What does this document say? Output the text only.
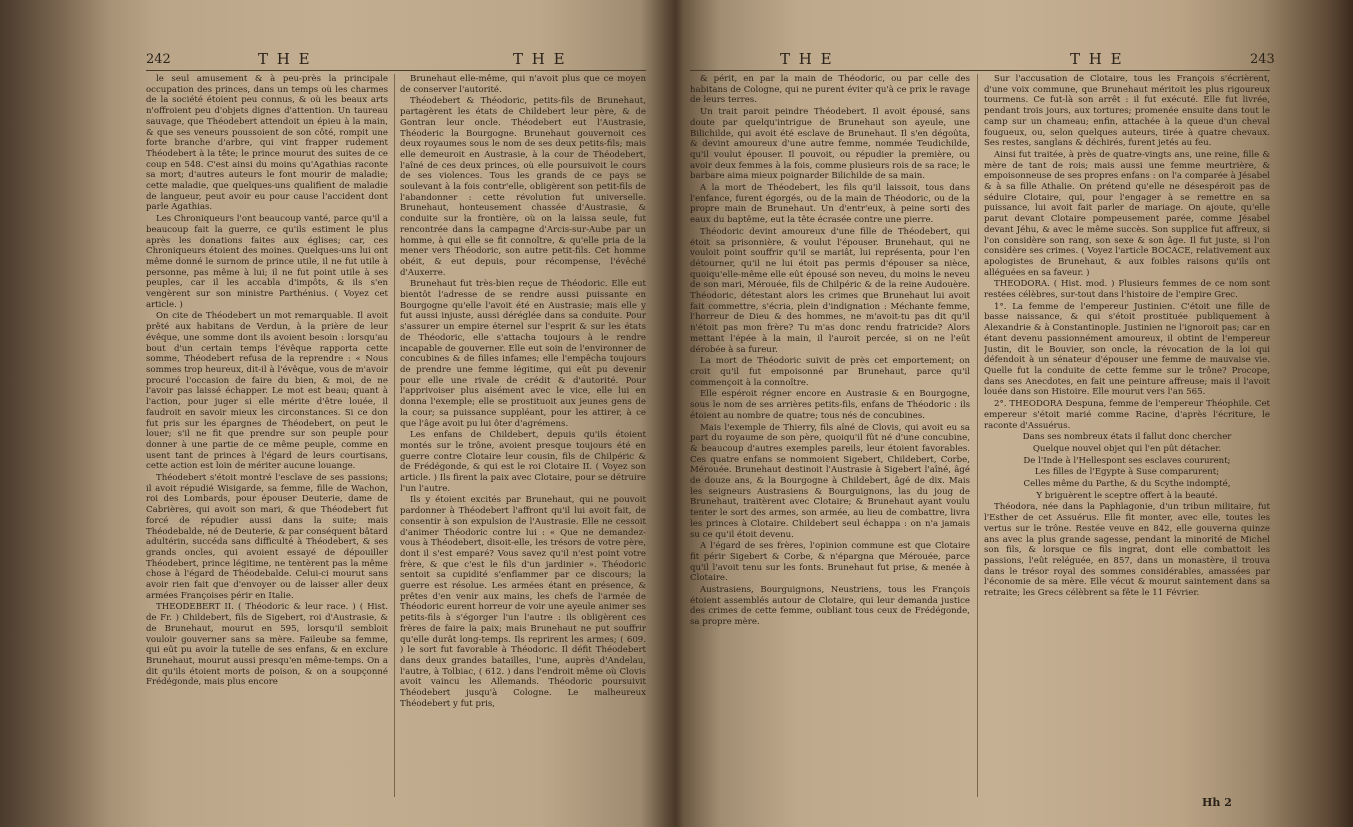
242	T H E	T H E

le seul amusement & à peu-près la principale occupation des princes, dans un temps où les charmes de la société étoient peu connus, & où les beaux arts n'offroient peu d'objets dignes d'attention. Un taureau sauvage, que Théodebert attendoit un épieu à la main, & que ses veneurs poussoient de son côté, rompit une forte branche d'arbre, qui vint frapper rudement Théodebert à la tête; le prince mourut des suites de ce coup en 548. C'est ainsi du moins qu'Agathias raconte sa mort; d'autres auteurs le font mourir de maladie; cette maladie, que quelques-uns qualifient de maladie de langueur, peut avoir eu pour cause l'accident dont parle Agathias.

Les Chroniqueurs l'ont beaucoup vanté, parce qu'il a beaucoup fait la guerre, ce qu'ils estiment le plus après les donations faites aux églises; car, ces Chroniqueurs étoient des moines. Quelques-uns lui ont même donné le surnom de prince utile, il ne fut utile à personne, pas même à lui; il ne fut point utile à ses peuples, car il les accabla d'impôts, & ils s'en vengèrent sur son ministre Parthénius. ( Voyez cet article. )

On cite de Théodebert un mot remarquable. Il avoit prêté aux habitans de Verdun, à la prière de leur évêque, une somme dont ils avoient besoin : lorsqu'au bout d'un certain temps l'évêque rapporta cette somme, Théodebert refusa de la reprendre : « Nous sommes trop heureux, dit-il à l'évêque, vous de m'avoir procuré l'occasion de faire du bien, & moi, de ne l'avoir pas laissé échapper. Le mot est beau; quant à l'action, pour juger si elle mérite d'être louée, il faudroit en savoir mieux les circonstances. Si ce don fut pris sur les épargnes de Théodebert, on peut le louer; s'il ne fit que prendre sur son peuple pour donner à une partie de ce même peuple, comme en usent tant de princes à l'égard de leurs courtisans, cette action est loin de mériter aucune louange.

Théodebert s'étoit montré l'esclave de ses passions; il avoit répudié Wisigarde, sa femme, fille de Wachon, roi des Lombards, pour épouser Deuterie, dame de Cabrières, qui avoit son mari, & que Théodebert fut forcé de répudier aussi dans la suite; mais Théodebalde, né de Deuterie, & par conséquent bâtard adultérin, succéda sans difficulté à Théodebert, & ses grands oncles, qui avoient essayé de dépouiller Théodebert, prince légitime, ne tentèrent pas la même chose à l'égard de Théodebalde. Celui-ci mourut sans avoir rien fait que d'envoyer ou de laisser aller deux armées Françoises périr en Italie.

THEODEBERT II. ( Théodoric & leur race. ) ( Hist. de Fr. ) Childebert, fils de Sigebert, roi d'Austrasie, & de Brunehaut, mourut en 595, lorsqu'il sembloit vouloir gouverner sans sa mère. Faileube sa femme, qui eût pu avoir la tutelle de ses enfans, & en exclure Brunehaut, mourut aussi presqu'en même-temps. On a dit qu'ils étoient morts de poison, & on a soupçonné Frédégonde, mais plus encore

Brunehaut elle-même, qui n'avoit plus que ce moyen de conserver l'autorité.

Théodebert & Théodoric, petits-fils de Brunehaut, partagèrent les états de Childebert leur père, & de Gontran leur oncle. Théodebert eut l'Austrasie, Théoderic la Bourgogne. Brunehaut gouvernoit ces deux royaumes sous le nom de ses deux petits-fils; mais elle demeuroit en Austrasie, à la cour de Théodebert, l'aîné de ces deux princes, où elle poursuivoit le cours de ses violences. Tous les grands de ce pays se soulevant à la fois contr'elle, obligèrent son petit-fils de l'abandonner : cette révolution fut universelle. Brunehaut, honteusement chassée d'Austrasie, & conduite sur la frontière, où on la laissa seule, fut rencontrée dans la campagne d'Arcis-sur-Aube par un homme, à qui elle se fit connoître, & qu'elle pria de la mener vers Théodoric, son autre petit-fils. Cet homme obéit, & eut depuis, pour récompense, l'évêché d'Auxerre.

Brunehaut fut très-bien reçue de Théodoric. Elle eut bientôt l'adresse de se rendre aussi puissante en Bourgogne qu'elle l'avoit été en Austrasie; mais elle y fut aussi injuste, aussi déréglée dans sa conduite. Pour s'assurer un empire éternel sur l'esprit & sur les états de Théodoric, elle s'attacha toujours à le rendre incapable de gouverner. Elle eut soin de l'environner de concubines & de filles infames; elle l'empêcha toujours de prendre une femme légitime, qui eût pu devenir pour elle une rivale de crédit & d'autorité. Pour l'apprivoiser plus aisément avec le vice, elle lui en donna l'exemple; elle se prostituoit aux jeunes gens de la cour; sa puissance suppléant, pour les attirer, à ce que l'âge avoit pu lui ôter d'agrémens.

Les enfans de Childebert, depuis qu'ils étoient montés sur le trône, avoient presque toujours été en guerre contre Clotaire leur cousin, fils de Chilpéric & de Frédégonde, & qui est le roi Clotaire II. ( Voyez son article. ) Ils firent la paix avec Clotaire, pour se détruire l'un l'autre.

Ils y étoient excités par Brunehaut, qui ne pouvoit pardonner à Théodebert l'affront qu'il lui avoit fait, de consentir à son expulsion de l'Austrasie. Elle ne cessoit d'animer Théodoric contre lui : « Que ne demandez-vous à Théodebert, disoit-elle, les trésors de votre père, dont il s'est emparé? Vous savez qu'il n'est point votre frère, & que c'est le fils d'un jardinier ». Théodoric sentoit sa cupidité s'enflammer par ce discours; la guerre est résolue. Les armées étant en présence, & prêtes d'en venir aux mains, les chefs de l'armée de Théodoric eurent horreur de voir une ayeule animer ses petits-fils à s'égorger l'un l'autre : ils obligèrent ces frères de faire la paix; mais Brunehaut ne put souffrir qu'elle durât long-temps. Ils reprirent les armes; ( 609. ) le sort fut favorable à Théodoric. Il défit Théodebert dans deux grandes batailles, l'une, auprès d'Andelau, l'autre, à Tolbiac, ( 612. ) dans l'endroit même où Clovis avoit vaincu les Allemands. Théodoric poursuivit Théodebert jusqu'à Cologne. Le malheureux Théodebert y fut pris,

T H E	T H E	243

& périt, en par la main de Théodoric, ou par celle des habitans de Cologne, qui ne purent éviter qu'à ce prix le ravage de leurs terres.

Un trait paroit peindre Théodebert. Il avoit épousé, sans doute par quelqu'intrigue de Brunehaut son ayeule, une Bilichilde, qui avoit été esclave de Brunehaut. Il s'en dégoûta, & devint amoureux d'une autre femme, nommée Teudichilde, qu'il voulut épouser. Il pouvoit, ou répudier la première, ou avoir deux femmes à la fois, comme plusieurs rois de sa race; le barbare aima mieux poignarder Bilichilde de sa main.

A la mort de Théodebert, les fils qu'il laissoit, tous dans l'enfance, furent égorgés, ou de la main de Théodoric, ou de la propre main de Brunehaut. Un d'entr'eux, à peine sorti des eaux du baptême, eut la tête écrasée contre une pierre.

Théodoric devint amoureux d'une fille de Théodebert, qui étoit sa prisonnière, & voulut l'épouser. Brunehaut, qui ne vouloit point souffrir qu'il se mariât, lui représenta, pour l'en détourner, qu'il ne lui étoit pas permis d'épouser sa nièce, quoiqu'elle-même elle eût épousé son neveu, du moins le neveu de son mari, Mérouée, fils de Chilpéric & de la reine Audouère. Théodoric, détestant alors les crimes que Brunehaut lui avoit fait commettre, s'écria, plein d'indignation : Méchante femme, l'horreur de Dieu & des hommes, ne m'avoit-tu pas dit qu'il n'étoit pas mon frère? Tu m'as donc rendu fratricide? Alors mettant l'épée à la main, il l'auroit percée, si on ne l'eût dérobée à sa fureur.

La mort de Théodoric suivit de près cet emportement; on croit qu'il fut empoisonné par Brunehaut, parce qu'il commençoit à la connoître.

Elle espéroit régner encore en Austrasie & en Bourgogne, sous le nom de ses arrières petits-fils, enfans de Théodoric : ils étoient au nombre de quatre; tous nés de concubines.

Mais l'exemple de Thierry, fils aîné de Clovis, qui avoit eu sa part du royaume de son père, quoiqu'il fût né d'une concubine, & beaucoup d'autres exemples pareils, leur étoient favorables. Ces quatre enfans se nommoient Sigebert, Childebert, Corbe, Mérouée. Brunehaut destinoit l'Austrasie à Sigebert l'aîné, âgé de douze ans, & la Bourgogne à Childebert, âgé de dix. Mais les seigneurs Austrasiens & Bourguignons, las du joug de Brunehaut, traitèrent avec Clotaire; & Brunehaut ayant voulu tenter le sort des armes, son armée, au lieu de combattre, livra les princes à Clotaire. Childebert seul échappa : on n'a jamais su ce qu'il étoit devenu.

A l'égard de ses frères, l'opinion commune est que Clotaire fit périr Sigebert & Corbe, & n'épargna que Mérouée, parce qu'il l'avoit tenu sur les fonts. Brunehaut fut prise, & menée à Clotaire.

Austrasiens, Bourguignons, Neustriens, tous les François étoient assemblés autour de Clotaire, qui leur demanda justice des crimes de cette femme, oubliant tous ceux de Frédégonde, sa propre mère.

Sur l'accusation de Clotaire, tous les François s'écrièrent, d'une voix commune, que Brunehaut méritoit les plus rigoureux tourmens. Ce fut-là son arrêt : il fut exécuté. Elle fut livrée, pendant trois jours, aux tortures; promenée ensuite dans tout le camp sur un chameau; enfin, attachée à la queue d'un cheval fougueux, ou, selon quelques auteurs, tirée à quatre chevaux. Ses restes, sanglans & déchirés, furent jetés au feu.

Ainsi fut traitée, à près de quatre-vingts ans, une reine, fille & mère de tant de rois; mais aussi une femme meurtrière, & empoisonneuse de ses propres enfans : on l'a comparée à Jésabel & à sa fille Athalie. On prétend qu'elle ne désespéroit pas de séduire Clotaire, qui, pour l'engager à se remettre en sa puissance, lui avoit fait parler de mariage. On ajoute, qu'elle parut devant Clotaire pompeusement parée, comme Jésabel devant Jéhu, & avec le même succès. Son supplice fut affreux, si l'on considère son rang, son sexe & son âge. Il fut juste, si l'on considère ses crimes. ( Voyez l'article BOCACE, relativement aux apologistes de Brunehaut, & aux foibles raisons qu'ils ont alléguées en sa faveur. )

THEODORA. ( Hist. mod. ) Plusieurs femmes de ce nom sont restées célèbres, sur-tout dans l'histoire de l'empire Grec.

1°. La femme de l'empereur Justinien. C'étoit une fille de basse naissance, & qui s'étoit prostituée publiquement à Alexandrie & à Constantinople. Justinien ne l'ignoroit pas; car en étant devenu passionnément amoureux, il obtint de l'empereur Justin, dit le Bouvier, son oncle, la révocation de la loi qui défendoit à un sénateur d'épouser une femme de mauvaise vie. Quelle fut la conduite de cette femme sur le trône? Procope, dans ses Anecdotes, en fait une peinture affreuse; mais il l'avoit louée dans son Histoire. Elle mourut vers l'an 565.

2°. THEODORA Despuna, femme de l'empereur Théophile. Cet empereur s'étoit marié comme Racine, d'après l'écriture, le raconte d'Assuérus.

Dans ses nombreux états il fallut donc chercher

Quelque nouvel objet qui l'en pût détacher.

De l'Inde à l'Hellespont ses esclaves coururent;

Les filles de l'Egypte à Suse comparurent;

Celles même du Parthe, & du Scythe indompté,

Y briguèrent le sceptre offert à la beauté.

Théodora, née dans la Paphlagonie, d'un tribun militaire, fut l'Esther de cet Assuérus. Elle fit monter, avec elle, toutes les vertus sur le trône. Restée veuve en 842, elle gouverna quinze ans avec la plus grande sagesse, pendant la minorité de Michel son fils, & lorsque ce fils ingrat, dont elle combattoit les passions, l'eût reléguée, en 857, dans un monastère, il trouva dans le trésor royal des sommes considérables, amassées par l'économie de sa mère. Elle vécut & mourut saintement dans sa retraite; les Grecs célèbrent sa fête le 11 Février.

Hh 2
